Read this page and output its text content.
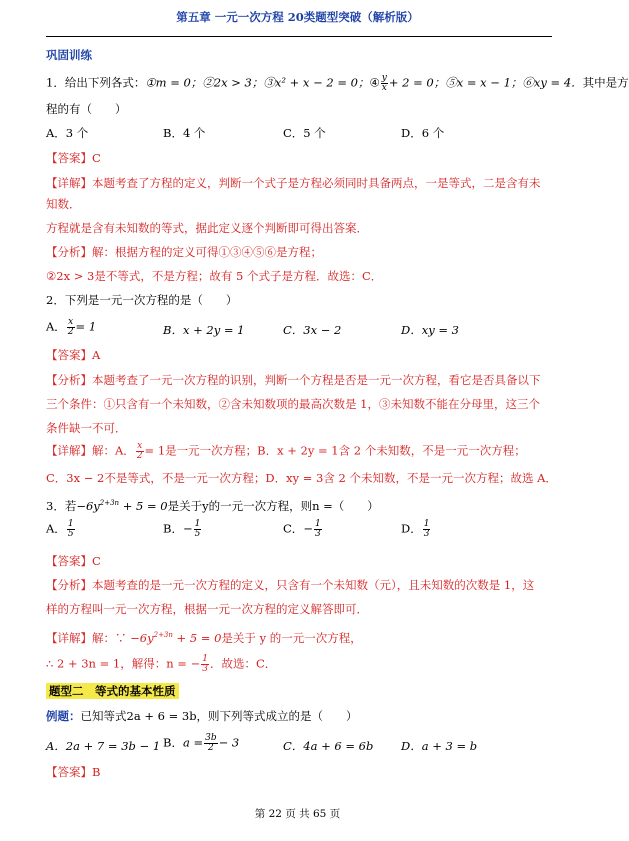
第五章 一元一次方程 20类题型突破（解析版）
巩固训练
1．给出下列各式：①m = 0；②2x > 3；③x² + x − 2 = 0；④ $\frac{y}{x} + 2 = 0$；⑤x = x − 1；⑥xy = 4．其中是方
程的有（　　）
A．3 个	B．4 个	C．5 个	D．6 个
【答案】C
【详解】本题考查了方程的定义，判断一个式子是方程必须同时具备两点，一是等式，二是含有未
知数．
方程就是含有未知数的等式，据此定义逐个判断即可得出答案．
【分析】解：根据方程的定义可得①③④⑤⑥是方程；
②2x > 3是不等式，不是方程；故有 5 个式子是方程．故选：C．
2．下列是一元一次方程的是（　　）
A． $\frac{x}{2} = 1$	B．x + 2y = 1	C．3x − 2	D．xy = 3
【答案】A
【分析】本题考查了一元一次方程的识别，判断一个方程是否是一元一次方程，看它是否具备以下
三个条件：①只含有一个未知数，②含未知数项的最高次数是 1，③未知数不能在分母里，这三个
条件缺一不可．
【详解】解：A． $\frac{x}{2} = 1$是一元一次方程；B．x + 2y = 1含 2 个未知数，不是一元一次方程；
C．3x − 2不是等式，不是一元一次方程；D．xy = 3含 2 个未知数，不是一元一次方程；故选 A．
3．若$-6y^{2+3n} + 5 = 0$是关于y的一元一次方程，则n =（　　）
A． $\frac{1}{5}$	B．− $\frac{1}{5}$	C．− $\frac{1}{3}$	D． $\frac{1}{3}$
【答案】C
【分析】本题考查的是一元一次方程的定义，只含有一个未知数（元），且未知数的次数是 1，这
样的方程叫一元一次方程，根据一元一次方程的定义解答即可．
【详解】解：∵ $-6y^{2+3n} + 5 = 0$是关于 y 的一元一次方程，
∴ 2 + 3n = 1，解得：n = − $\frac{1}{3}$ ．故选：C．
题型二　等式的基本性质
例题：已知等式2a + 6 = 3b，则下列等式成立的是（　　）
A．2a + 7 = 3b − 1 B．$a = \frac{3b}{2} - 3$	C．4a + 6 = 6b D．a + 3 = b
【答案】B
第 22 页 共 65 页
